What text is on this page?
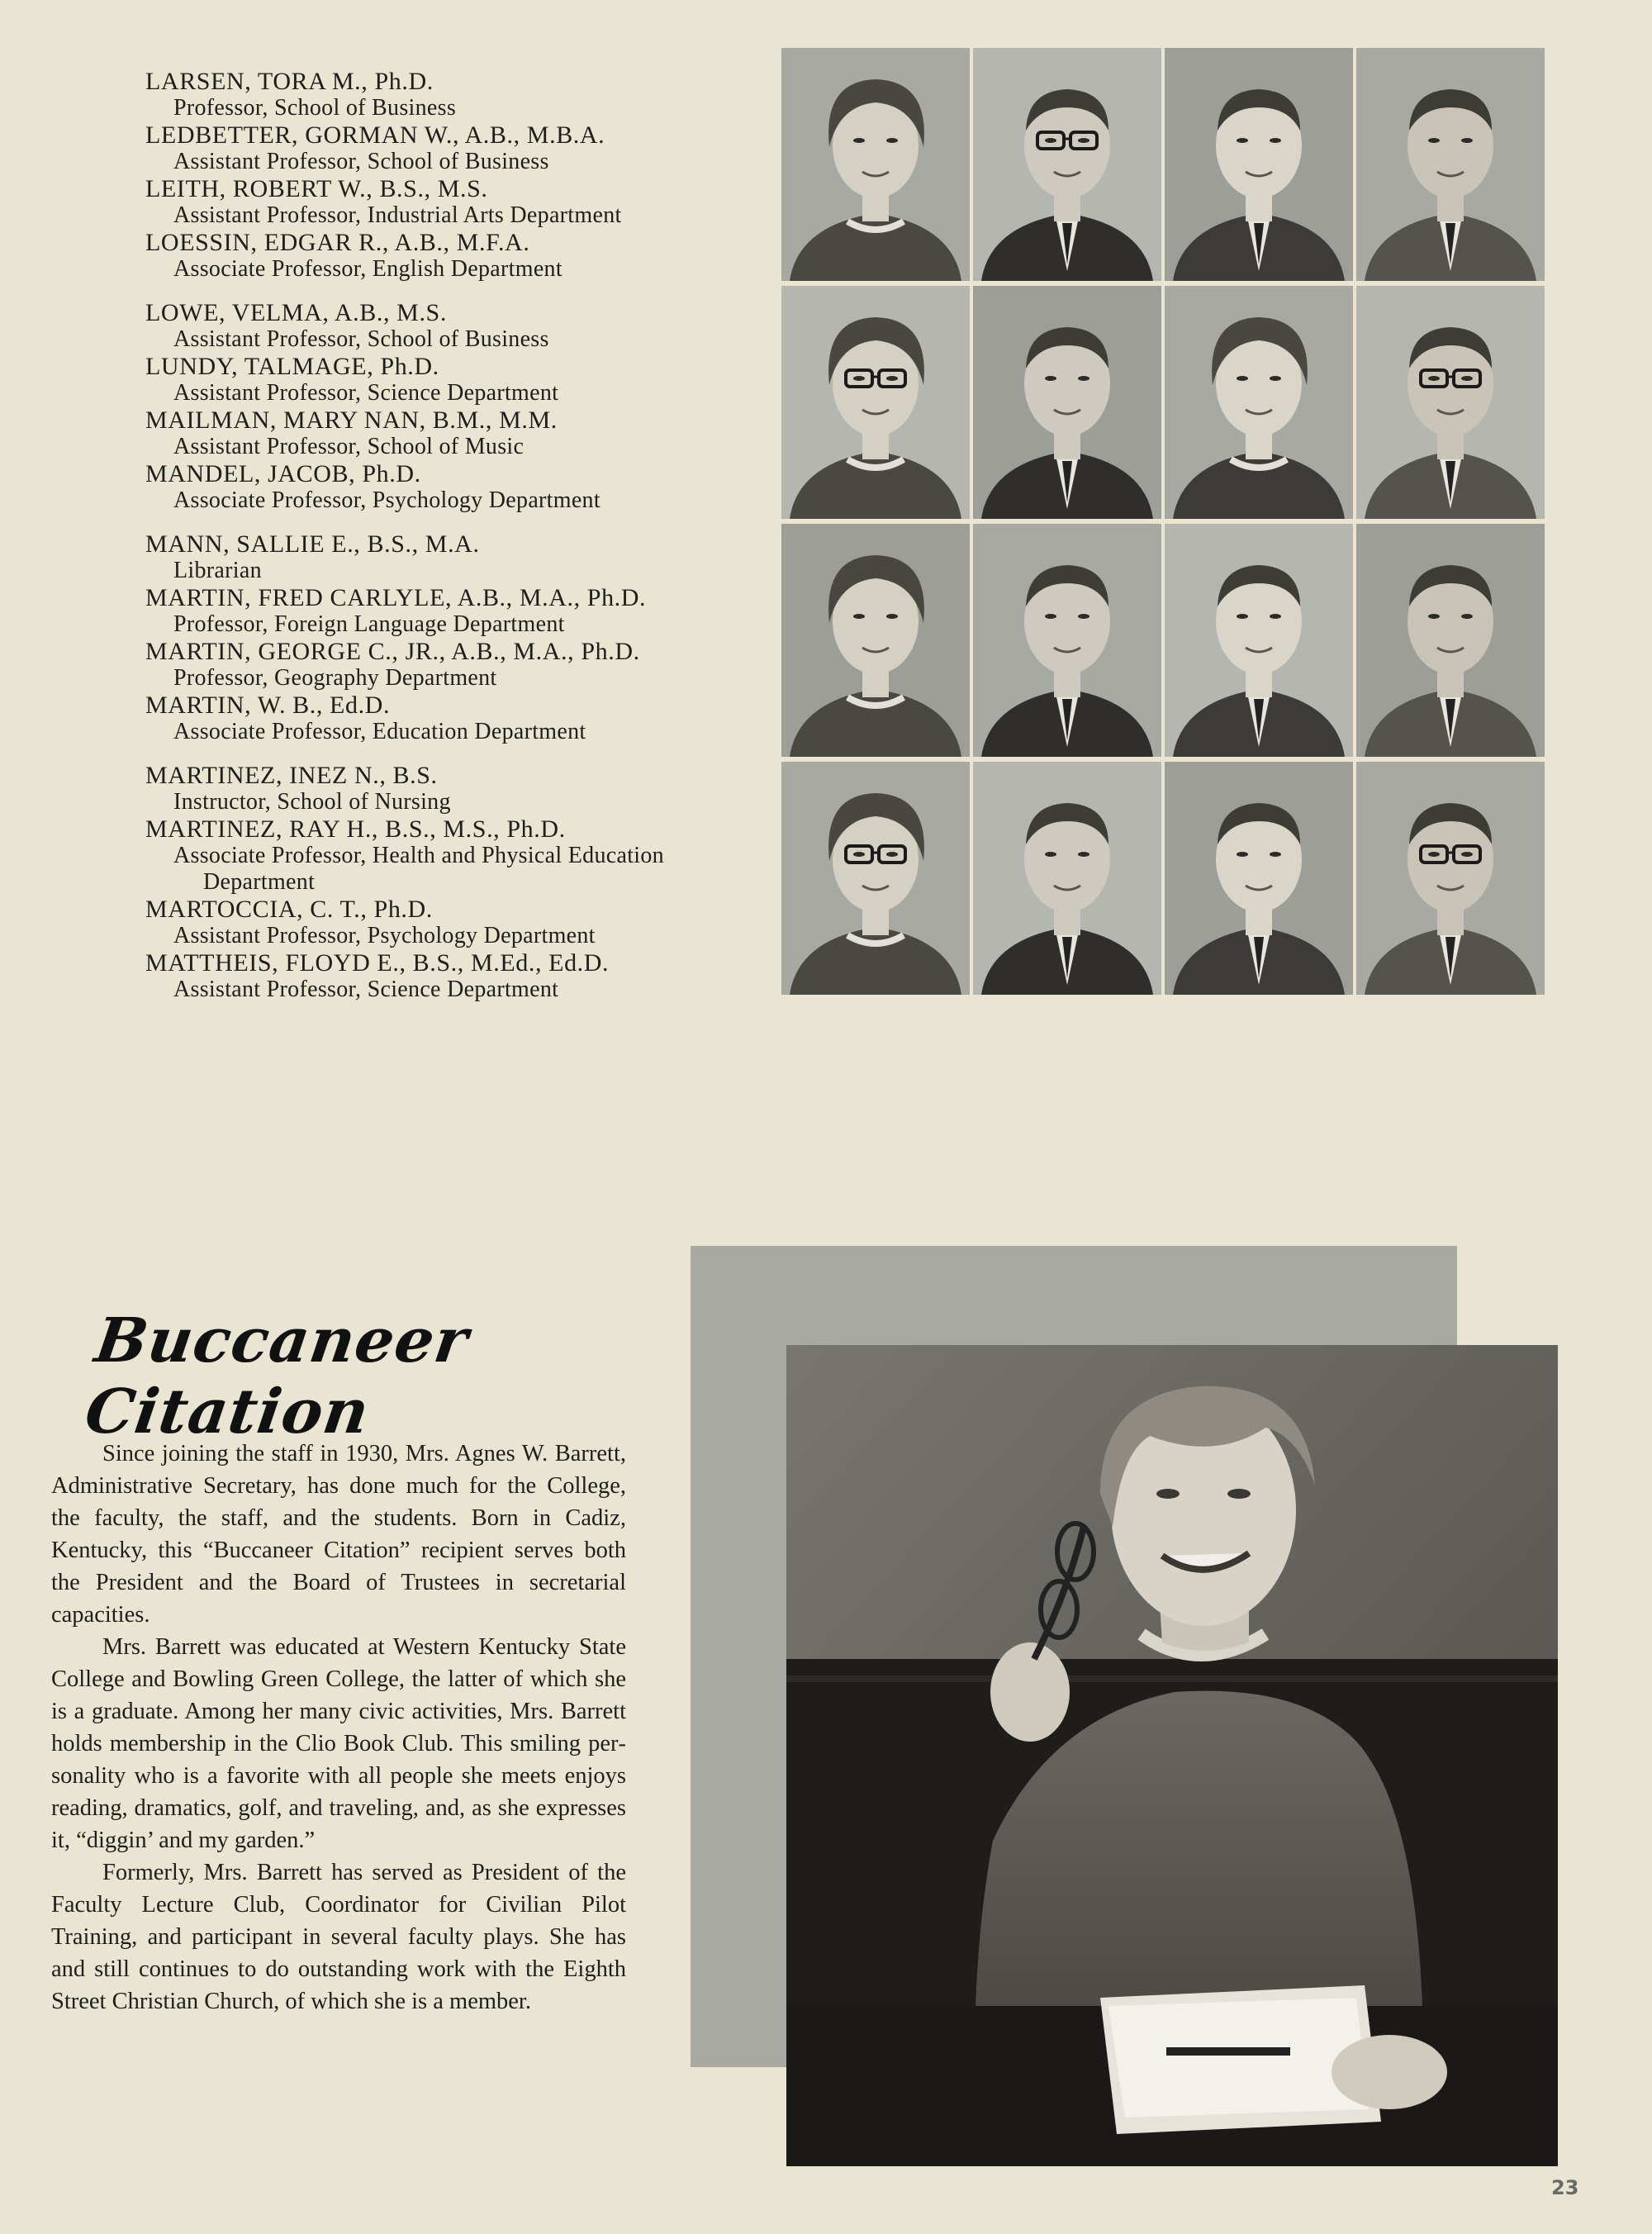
LARSEN, TORA M., Ph.D.
Professor, School of Business
LEDBETTER, GORMAN W., A.B., M.B.A.
Assistant Professor, School of Business
LEITH, ROBERT W., B.S., M.S.
Assistant Professor, Industrial Arts Department
LOESSIN, EDGAR R., A.B., M.F.A.
Associate Professor, English Department
LOWE, VELMA, A.B., M.S.
Assistant Professor, School of Business
LUNDY, TALMAGE, Ph.D.
Assistant Professor, Science Department
MAILMAN, MARY NAN, B.M., M.M.
Assistant Professor, School of Music
MANDEL, JACOB, Ph.D.
Associate Professor, Psychology Department
MANN, SALLIE E., B.S., M.A.
Librarian
MARTIN, FRED CARLYLE, A.B., M.A., Ph.D.
Professor, Foreign Language Department
MARTIN, GEORGE C., JR., A.B., M.A., Ph.D.
Professor, Geography Department
MARTIN, W. B., Ed.D.
Associate Professor, Education Department
MARTINEZ, INEZ N., B.S.
Instructor, School of Nursing
MARTINEZ, RAY H., B.S., M.S., Ph.D.
Associate Professor, Health and Physical Education
Department
MARTOCCIA, C. T., Ph.D.
Assistant Professor, Psychology Department
MATTHEIS, FLOYD E., B.S., M.Ed., Ed.D.
Assistant Professor, Science Department
Buccaneer Citation

Since joining the staff in 1930, Mrs. Agnes W. Barrett, Administrative Secretary, has done much for the College, the faculty, the staff, and the students. Born in Cadiz, Kentucky, this “Buccaneer Citation” recipient serves both the President and the Board of Trustees in secretarial capacities.

Mrs. Barrett was educated at Western Kentucky State College and Bowling Green College, the latter of which she is a graduate. Among her many civic activities, Mrs. Barrett holds membership in the Clio Book Club. This smiling personality who is a favorite with all people she meets enjoys reading, dramatics, golf, and traveling, and, as she expresses it, “diggin’ and my garden.”

Formerly, Mrs. Barrett has served as President of the Faculty Lecture Club, Coordinator for Civilian Pilot Training, and participant in several faculty plays. She has and still continues to do outstanding work with the Eighth Street Christian Church, of which she is a member.

23
